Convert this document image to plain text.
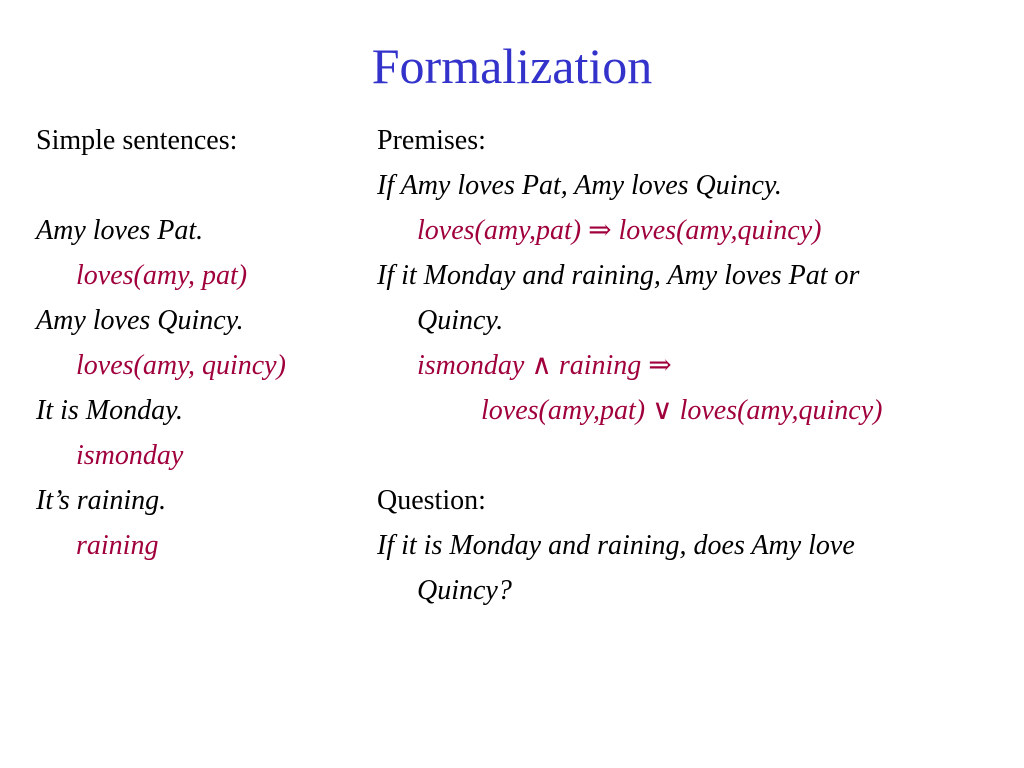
Formalization
Simple sentences:
Amy loves Pat.
loves(amy, pat)
Amy loves Quincy.
loves(amy, quincy)
It is Monday.
ismonday
It’s raining.
raining
Premises:
If Amy loves Pat, Amy loves Quincy.
loves(amy,pat) ⇒ loves(amy,quincy)
If it Monday and raining, Amy loves Pat or
Quincy.
ismonday ∧ raining ⇒
loves(amy,pat) ∨ loves(amy,quincy)
Question:
If it is Monday and raining, does Amy love
Quincy?
